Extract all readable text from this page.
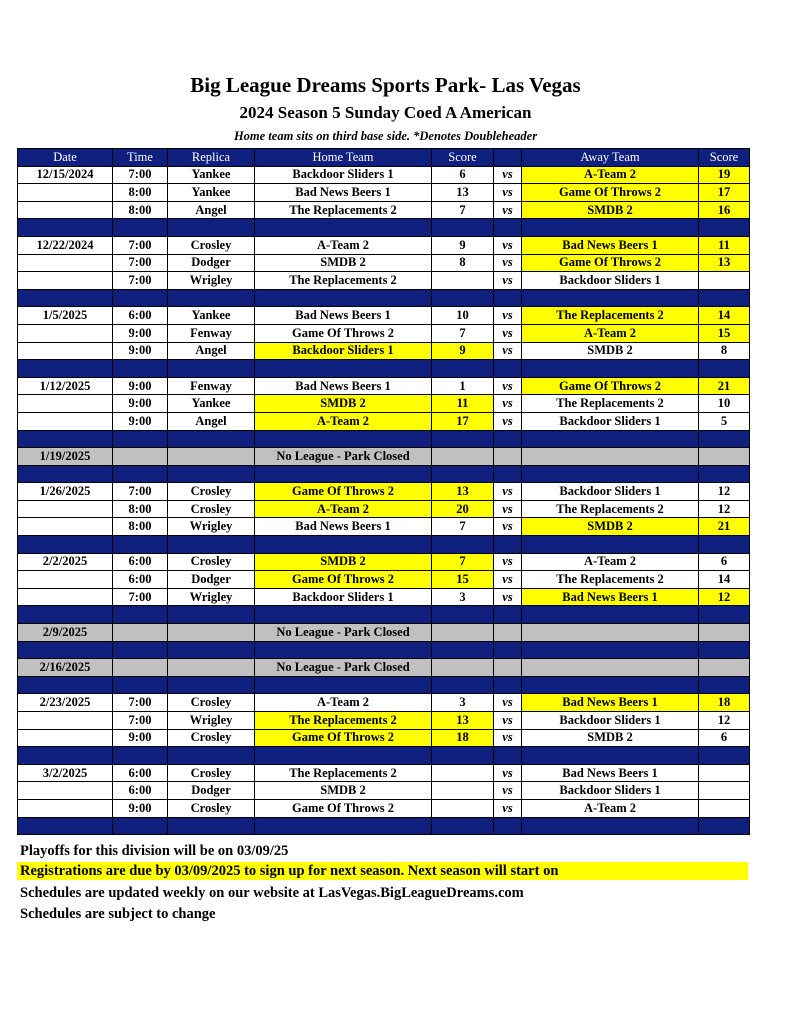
Big League Dreams Sports Park- Las Vegas
2024 Season 5 Sunday Coed A American
Home team sits on third base side. *Denotes Doubleheader
Date	Time	Replica	Home Team	Score		Away Team	Score
12/15/2024	7:00	Yankee	Backdoor Sliders 1	6	vs	A-Team 2	19
	8:00	Yankee	Bad News Beers 1	13	vs	Game Of Throws 2	17
	8:00	Angel	The Replacements 2	7	vs	SMDB 2	16

12/22/2024	7:00	Crosley	A-Team 2	9	vs	Bad News Beers 1	11
	7:00	Dodger	SMDB 2	8	vs	Game Of Throws 2	13
	7:00	Wrigley	The Replacements 2		vs	Backdoor Sliders 1	

1/5/2025	6:00	Yankee	Bad News Beers 1	10	vs	The Replacements 2	14
	9:00	Fenway	Game Of Throws 2	7	vs	A-Team 2	15
	9:00	Angel	Backdoor Sliders 1	9	vs	SMDB 2	8

1/12/2025	9:00	Fenway	Bad News Beers 1	1	vs	Game Of Throws 2	21
	9:00	Yankee	SMDB 2	11	vs	The Replacements 2	10
	9:00	Angel	A-Team 2	17	vs	Backdoor Sliders 1	5

1/19/2025			No League - Park Closed				

1/26/2025	7:00	Crosley	Game Of Throws 2	13	vs	Backdoor Sliders 1	12
	8:00	Crosley	A-Team 2	20	vs	The Replacements 2	12
	8:00	Wrigley	Bad News Beers 1	7	vs	SMDB 2	21

2/2/2025	6:00	Crosley	SMDB 2	7	vs	A-Team 2	6
	6:00	Dodger	Game Of Throws 2	15	vs	The Replacements 2	14
	7:00	Wrigley	Backdoor Sliders 1	3	vs	Bad News Beers 1	12

2/9/2025			No League - Park Closed				

2/16/2025			No League - Park Closed				

2/23/2025	7:00	Crosley	A-Team 2	3	vs	Bad News Beers 1	18
	7:00	Wrigley	The Replacements 2	13	vs	Backdoor Sliders 1	12
	9:00	Crosley	Game Of Throws 2	18	vs	SMDB 2	6

3/2/2025	6:00	Crosley	The Replacements 2		vs	Bad News Beers 1	
	6:00	Dodger	SMDB 2		vs	Backdoor Sliders 1	
	9:00	Crosley	Game Of Throws 2		vs	A-Team 2	

Playoffs for this division will be on 03/09/25
Registrations are due by 03/09/2025 to sign up for next season. Next season will start on
Schedules are updated weekly on our website at LasVegas.BigLeagueDreams.com
Schedules are subject to change
